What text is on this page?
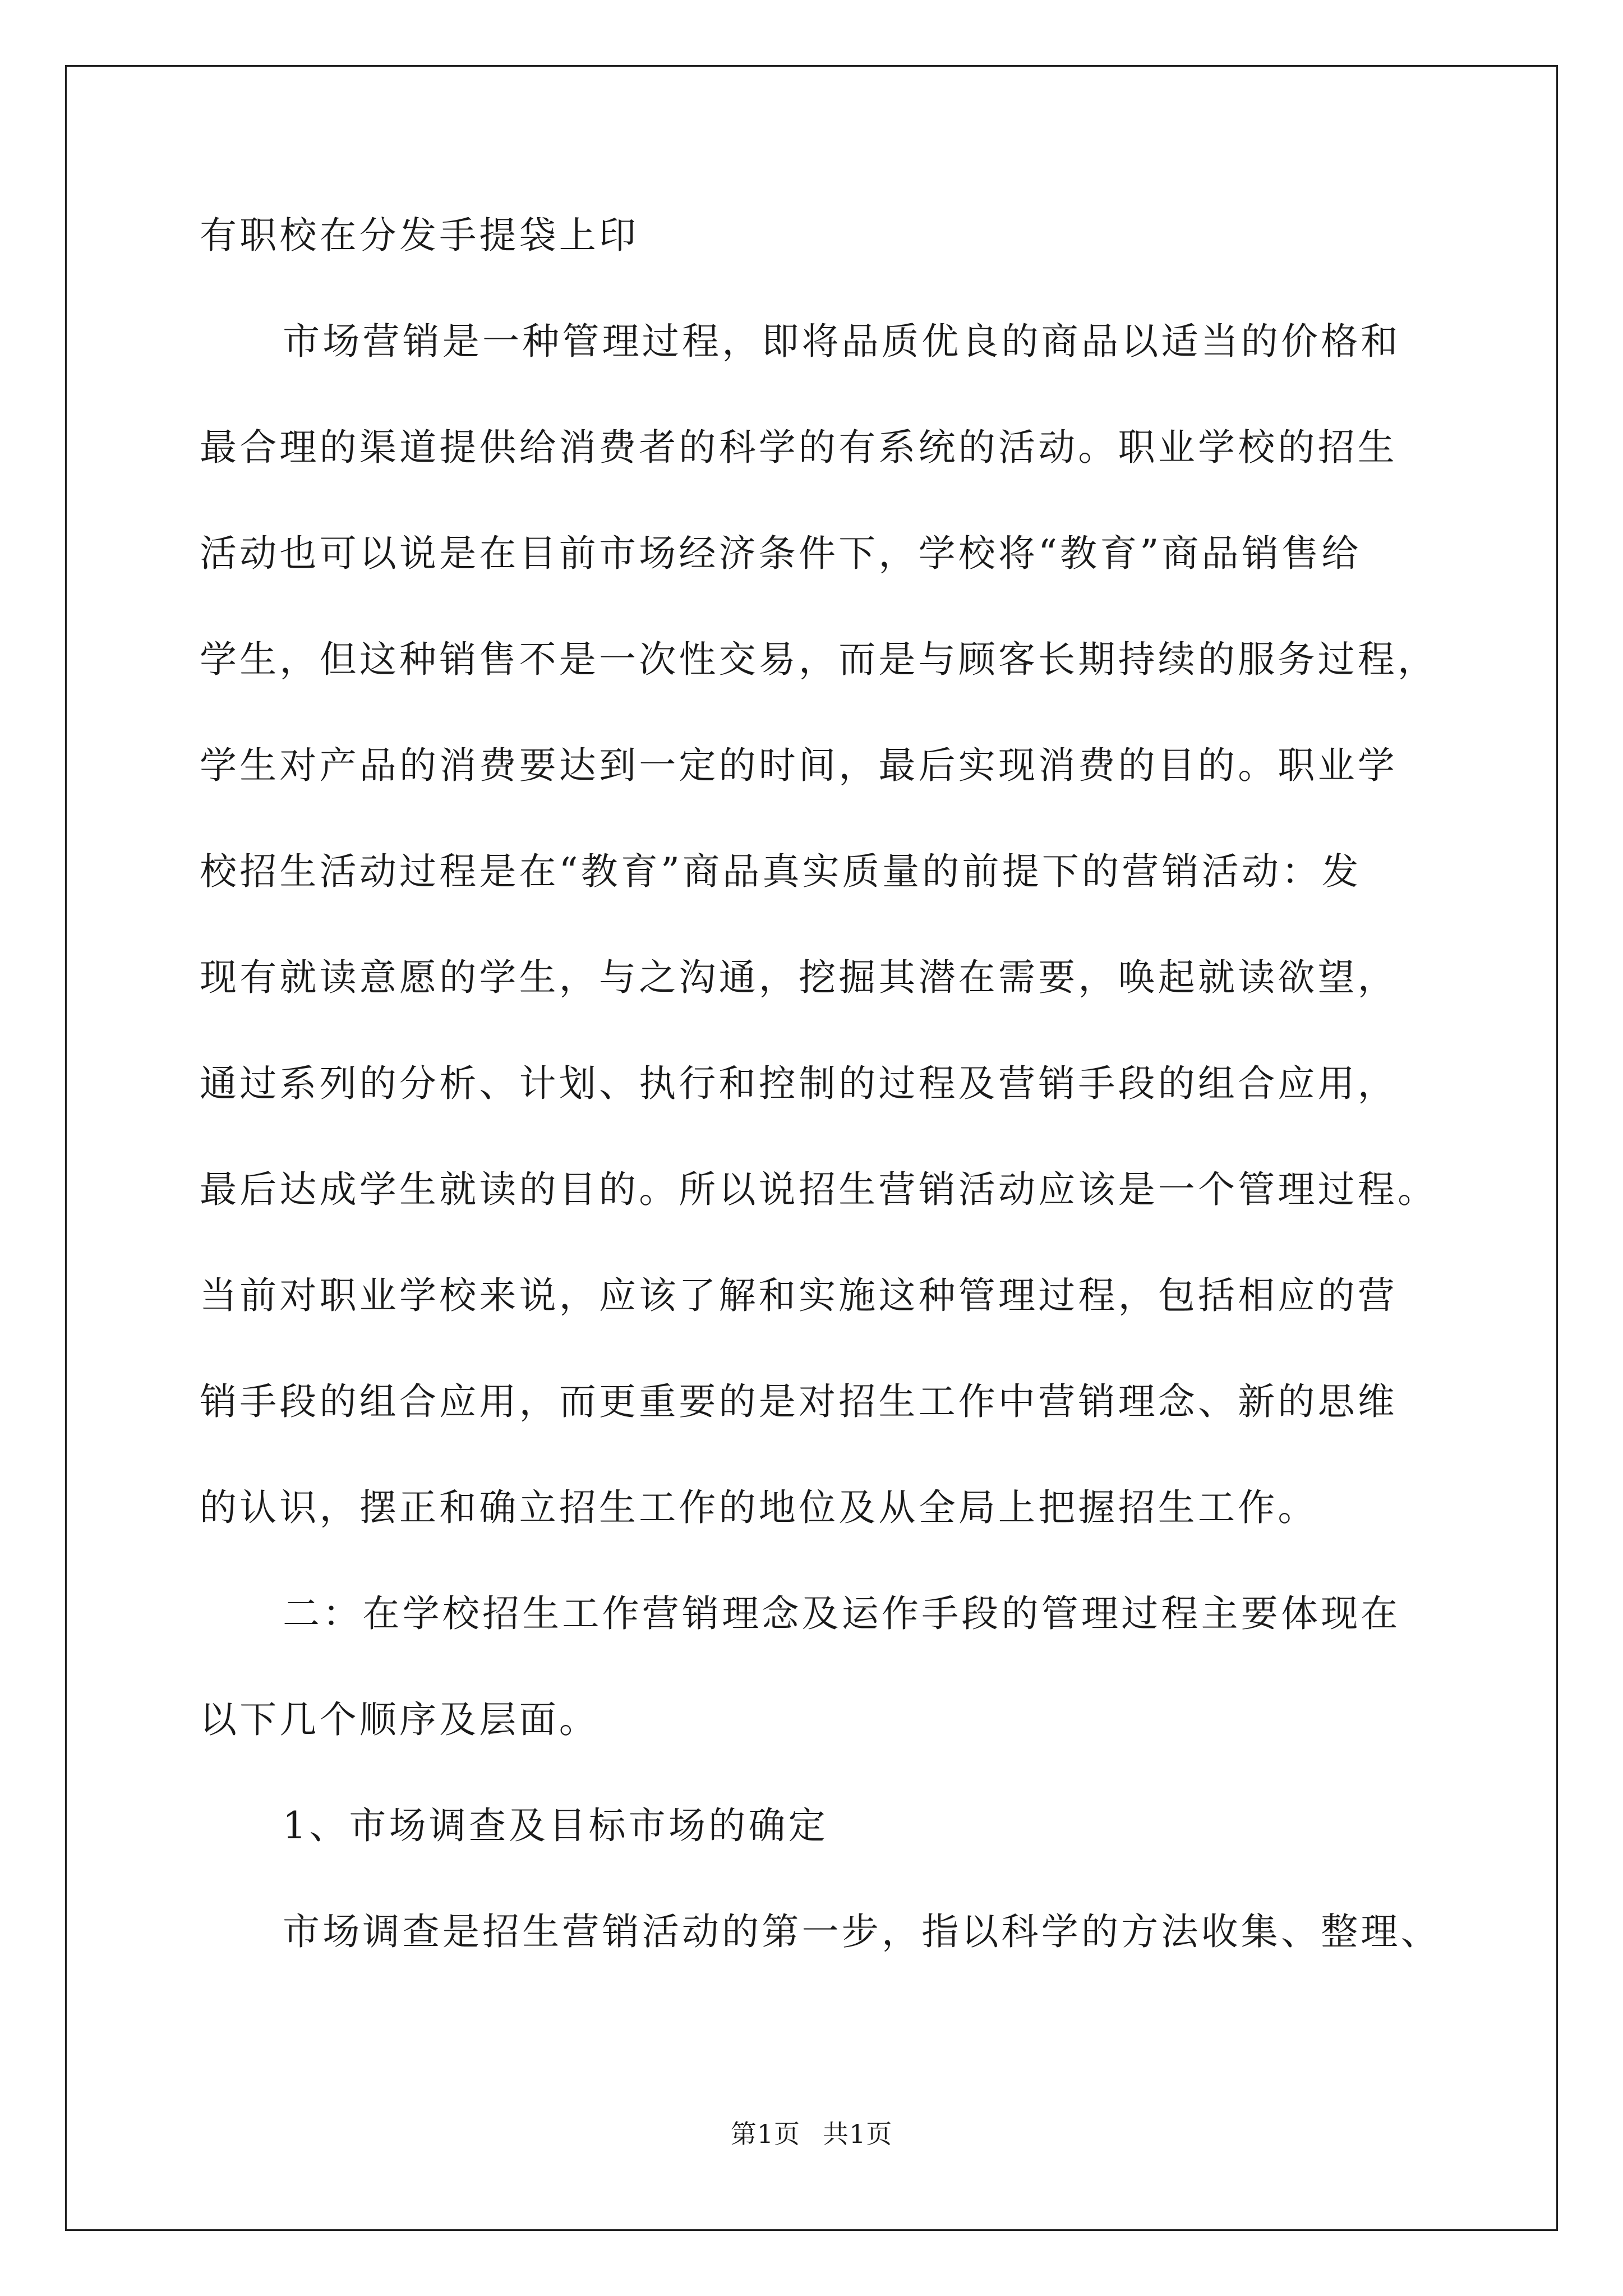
有职校在分发手提袋上印
市场营销是一种管理过程，即将品质优良的商品以适当的价格和
最合理的渠道提供给消费者的科学的有系统的活动。职业学校的招生
活动也可以说是在目前市场经济条件下，学校将“教育”商品销售给
学生，但这种销售不是一次性交易，而是与顾客长期持续的服务过程，
学生对产品的消费要达到一定的时间，最后实现消费的目的。职业学
校招生活动过程是在“教育”商品真实质量的前提下的营销活动：发
现有就读意愿的学生，与之沟通，挖掘其潜在需要，唤起就读欲望，
通过系列的分析、计划、执行和控制的过程及营销手段的组合应用，
最后达成学生就读的目的。所以说招生营销活动应该是一个管理过程。
当前对职业学校来说，应该了解和实施这种管理过程，包括相应的营
销手段的组合应用，而更重要的是对招生工作中营销理念、新的思维
的认识，摆正和确立招生工作的地位及从全局上把握招生工作。
二：在学校招生工作营销理念及运作手段的管理过程主要体现在
以下几个顺序及层面。
1、市场调查及目标市场的确定
市场调查是招生营销活动的第一步，指以科学的方法收集、整理、
第1页 共1页
